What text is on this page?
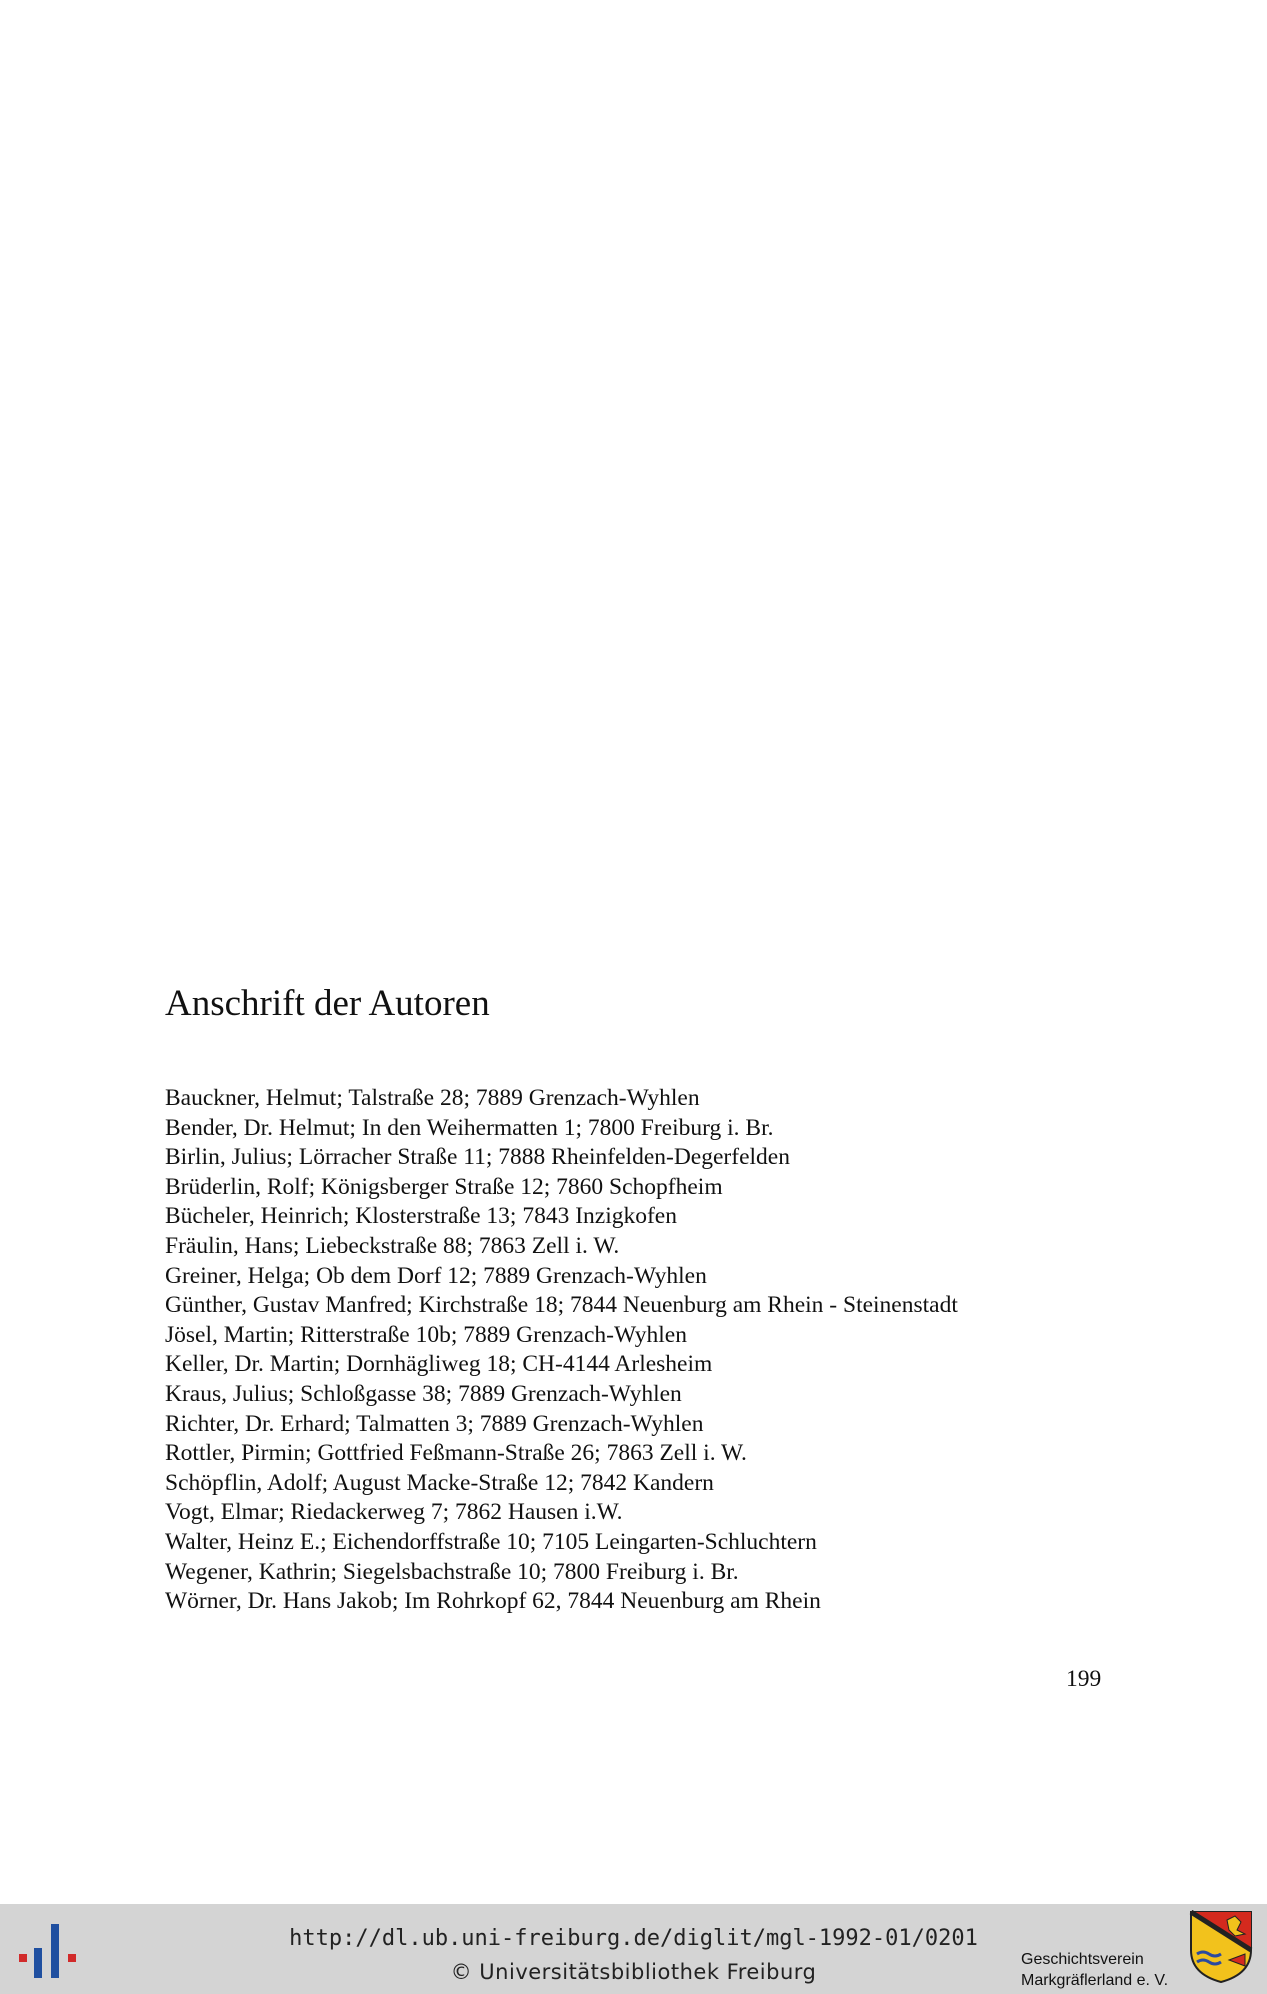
Anschrift der Autoren
Bauckner, Helmut; Talstraße 28; 7889 Grenzach-Wyhlen
Bender, Dr. Helmut; In den Weihermatten 1; 7800 Freiburg i. Br.
Birlin, Julius; Lörracher Straße 11; 7888 Rheinfelden-Degerfelden
Brüderlin, Rolf; Königsberger Straße 12; 7860 Schopfheim
Bücheler, Heinrich; Klosterstraße 13; 7843 Inzigkofen
Fräulin, Hans; Liebeckstraße 88; 7863 Zell i. W.
Greiner, Helga; Ob dem Dorf 12; 7889 Grenzach-Wyhlen
Günther, Gustav Manfred; Kirchstraße 18; 7844 Neuenburg am Rhein - Steinenstadt
Jösel, Martin; Ritterstraße 10b; 7889 Grenzach-Wyhlen
Keller, Dr. Martin; Dornhägliweg 18; CH-4144 Arlesheim
Kraus, Julius; Schloßgasse 38; 7889 Grenzach-Wyhlen
Richter, Dr. Erhard; Talmatten 3; 7889 Grenzach-Wyhlen
Rottler, Pirmin; Gottfried Feßmann-Straße 26; 7863 Zell i. W.
Schöpflin, Adolf; August Macke-Straße 12; 7842 Kandern
Vogt, Elmar; Riedackerweg 7; 7862 Hausen i.W.
Walter, Heinz E.; Eichendorffstraße 10; 7105 Leingarten-Schluchtern
Wegener, Kathrin; Siegelsbachstraße 10; 7800 Freiburg i. Br.
Wörner, Dr. Hans Jakob; Im Rohrkopf 62, 7844 Neuenburg am Rhein
199
http://dl.ub.uni-freiburg.de/diglit/mgl-1992-01/0201
© Universitätsbibliothek Freiburg
Geschichtsverein
Markgräflerland e. V.
